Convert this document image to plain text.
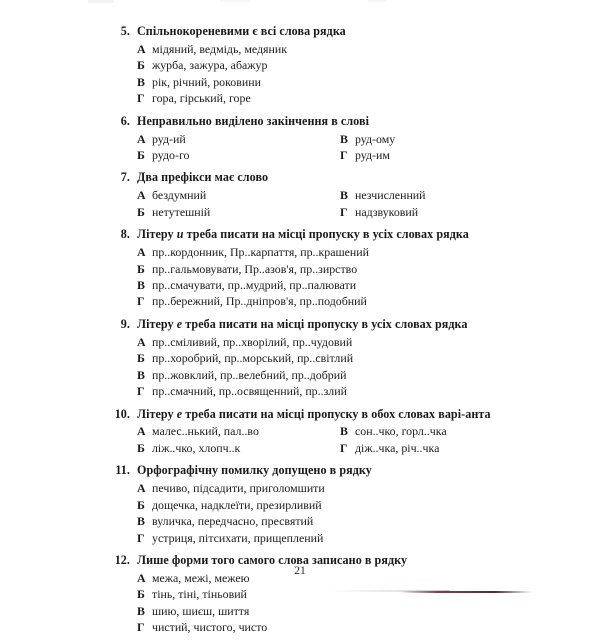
5. Спільнокореневими є всі слова рядка
А мідяний, ведмідь, медяник
Б журба, зажура, абажур
В рік, річний, роковини
Г гора, гірський, горе
6. Неправильно виділено закінчення в слові
А руд-ий	В руд-ому
Б рудо-го	Г руд-им
7. Два префікси має слово
А бездумний	В незчисленний
Б нетутешній	Г надзвуковий
8. Літеру и треба писати на місці пропуску в усіх словах рядка
А пр..кордонник, Пр..карпаття, пр..крашений
Б пр..гальмовувати, Пр..азов'я, пр..зирство
В пр..смачувати, пр..мудрий, пр..палювати
Г пр..бережний, Пр..дніпров'я, пр..подобний
9. Літеру е треба писати на місці пропуску в усіх словах рядка
А пр..сміливий, пр..хворілий, пр..чудовий
Б пр..хоробрий, пр..морський, пр..світлий
В пр..жовклий, пр..велебний, пр..добрий
Г пр..смачний, пр..освященний, пр..злий
10. Літеру е треба писати на місці пропуску в обох словах варі-анта
А малес..нький, пал..во	В сон..чко, горл..чка
Б ліж..чко, хлопч..к	Г діж..чка, річ..чка
11. Орфографічну помилку допущено в рядку
А печиво, підсадити, приголомшити
Б дощечка, надклеїти, презирливий
В вуличка, передчасно, пресвятий
Г устриця, пітсихати, прищеплений
12. Лише форми того самого слова записано в рядку
А межа, межі, межею
Б тінь, тіні, тіньовий
В шию, шиєш, шиття
Г чистий, чистого, чисто
21
